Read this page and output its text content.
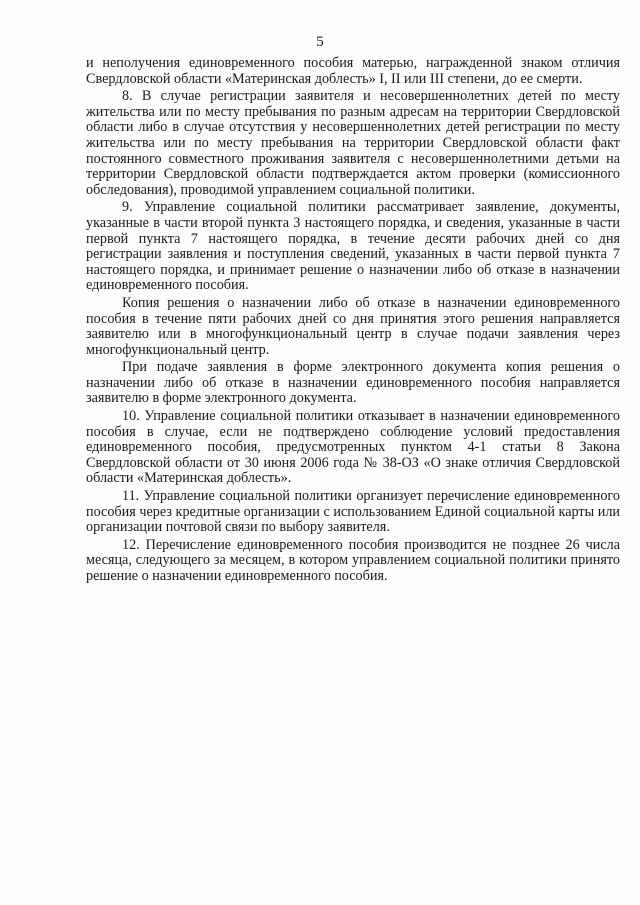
5

и неполучения единовременного пособия матерью, награжденной знаком отличия Свердловской области «Материнская доблесть» I, II или III степени, до ее смерти.

8. В случае регистрации заявителя и несовершеннолетних детей по месту жительства или по месту пребывания по разным адресам на территории Свердловской области либо в случае отсутствия у несовершеннолетних детей регистрации по месту жительства или по месту пребывания на территории Свердловской области факт постоянного совместного проживания заявителя с несовершеннолетними детьми на территории Свердловской области подтверждается актом проверки (комиссионного обследования), проводимой управлением социальной политики.

9. Управление социальной политики рассматривает заявление, документы, указанные в части второй пункта 3 настоящего порядка, и сведения, указанные в части первой пункта 7 настоящего порядка, в течение десяти рабочих дней со дня регистрации заявления и поступления сведений, указанных в части первой пункта 7 настоящего порядка, и принимает решение о назначении либо об отказе в назначении единовременного пособия.

Копия решения о назначении либо об отказе в назначении единовременного пособия в течение пяти рабочих дней со дня принятия этого решения направляется заявителю или в многофункциональный центр в случае подачи заявления через многофункциональный центр.

При подаче заявления в форме электронного документа копия решения о назначении либо об отказе в назначении единовременного пособия направляется заявителю в форме электронного документа.

10. Управление социальной политики отказывает в назначении единовременного пособия в случае, если не подтверждено соблюдение условий предоставления единовременного пособия, предусмотренных пунктом 4-1 статьи 8 Закона Свердловской области от 30 июня 2006 года № 38-ОЗ «О знаке отличия Свердловской области «Материнская доблесть».

11. Управление социальной политики организует перечисление единовременного пособия через кредитные организации с использованием Единой социальной карты или организации почтовой связи по выбору заявителя.

12. Перечисление единовременного пособия производится не позднее 26 числа месяца, следующего за месяцем, в котором управлением социальной политики принято решение о назначении единовременного пособия.
